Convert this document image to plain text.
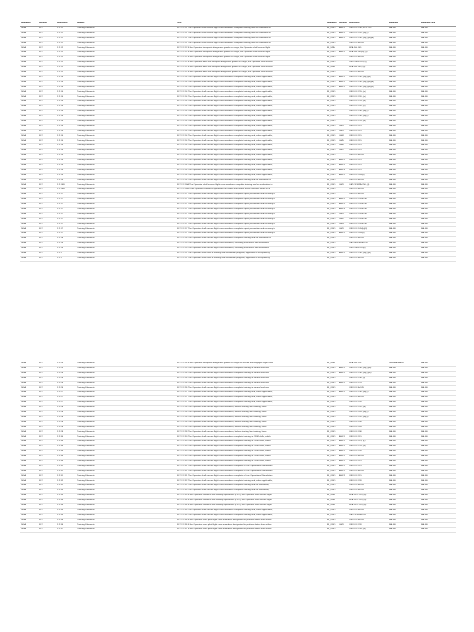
Standard	Section	Reference	Header	Text	Standard	Section	Reference	Modified	Modified Link
ISSA	FLT	2.2.11	Training Elements	FLT 2.2.11 The Operator shall ensure flight crew members complete training and an evaluation in	IR_ORO	AMC1	ORO.FC.230; FCL.725	FALSE	FALSE
ISSA	FLT	2.2.11	Training Elements	FLT 2.2.11 The Operator shall ensure flight crew members complete training and an evaluation in	IR_ORO	AMC1	ORO.FC.220; (a)(1)	FALSE	FALSE
ISSA	FLT	2.2.11	Training Elements	FLT 2.2.11 The Operator shall ensure flight crew members complete training and an evaluation in	IR_ORO	AMC1	ORO.FC.230; (a)(1)(ii)(A)	FALSE	FALSE
ISSA	FLT	2.2.11	Training Elements	FLT 2.2.11 The Operator shall ensure flight crew members complete training and an evaluation in	IR_ORO		ORO.FC.A.245	FALSE	FALSE
ISSA	FLT	2.2.12	Training Elements	FLT 2.2.12 If the Operator transports dangerous goods as cargo, the Operator shall ensure flight	IR_SPA		SPA.DG.105	FALSE	FALSE
ISSA	FLT	2.2.12	Training Elements	FLT 2.2.12 If the Operator transports dangerous goods as cargo, the Operator shall ensure flight	IR_ORO	AMC1	SPA.DG.105(a); (f)	FALSE	FALSE
ISSA	FLT	2.2.12	Training Elements	FLT 2.2.12 If the Operator transports dangerous goods as cargo, the Operator shall ensure flight	IR_ORO		ORO.FC.A.245	FALSE	FALSE
ISSA	FLT	2.2.12	Training Elements	FLT 2.2.12 If the Operator does not transport dangerous goods as cargo, the Operator shall ensure	IR_ORO		ORO.GEN.110; (f)	FALSE	FALSE
ISSA	FLT	2.2.12	Training Elements	FLT 2.2.12 If the Operator does not transport dangerous goods as cargo, the Operator shall ensure	IR_SPA		SPA.DG.105; (a)	FALSE	FALSE
ISSA	FLT	2.2.12	Training Elements	FLT 2.2.12 If the Operator does not transport dangerous goods as cargo, the Operator shall ensure	IR_ORO		ORO.FC.A.245	FALSE	FALSE
ISSA	FLT	2.2.14	Training Elements	FLT 2.2.14 The Operator shall ensure flight crew members complete training and, when applicable,	IR_ORO	AMC1	ORO.FC.230; (a)(3)(ii)	FALSE	FALSE
ISSA	FLT	2.2.14	Training Elements	FLT 2.2.14 The Operator shall ensure flight crew members complete training and, when applicable,	IR_ORO	AMC1	ORO.FC.230; (a)(3)(ii)(A)	FALSE	FALSE
ISSA	FLT	2.2.14	Training Elements	FLT 2.2.14 The Operator shall ensure flight crew members complete training and, when applicable,	IR_ORO	AMC1	ORO.FC.230; (a)(3)(ii)(B)	FALSE	FALSE
ISSA	FLT	2.2.14	Training Elements	FLT 2.2.14 The Operator shall ensure flight crew members complete training and, when applicable,	IR_ORO		ORO.FC.215; (a)	FALSE	FALSE
ISSA	FLT	2.2.14	Training Elements	FLT 2.2.14 The Operator shall ensure flight crew members complete training and, when applicable,	IR_ORO		ORO.FC.220; (a)	FALSE	FALSE
ISSA	FLT	2.2.14	Training Elements	FLT 2.2.14 The Operator shall ensure flight crew members complete training and, when applicable,	IR_ORO		ORO.FC.215; (b)	FALSE	FALSE
ISSA	FLT	2.2.14	Training Elements	FLT 2.2.14 The Operator shall ensure flight crew members complete training and, when applicable,	IR_ORO		ORO.FC.220; (c)	FALSE	FALSE
ISSA	FLT	2.2.14	Training Elements	FLT 2.2.14 The Operator shall ensure flight crew members complete training and, when applicable,	IR_ORO		ORO.FC.230; (b)(1)	FALSE	FALSE
ISSA	FLT	2.2.14	Training Elements	FLT 2.2.14 The Operator shall ensure flight crew members complete training and, when applicable,	IR_ORO		ORO.FC.230; (a)(2)	FALSE	FALSE
ISSA	FLT	2.2.14	Training Elements	FLT 2.2.14 The Operator shall ensure flight crew members complete training and, when applicable,	IR_ORO		ORO.FC.215; (b)	FALSE	FALSE
ISSA	FLT	2.2.14	Training Elements	FLT 2.2.14 The Operator shall ensure flight crew members complete training and, when applicable,	IR_ORO	GM1	ORO.FC.115	FALSE	FALSE
ISSA	FLT	2.2.14	Training Elements	FLT 2.2.14 The Operator shall ensure flight crew members complete training and, when applicable,	IR_ORO	GM1	ORO.FC.115	FALSE	FALSE
ISSA	FLT	2.2.14	Training Elements	FLT 2.2.14 The Operator shall ensure flight crew members complete training and, when applicable,	IR_ORO	GM4	ORO.FC.115	FALSE	FALSE
ISSA	FLT	2.2.14	Training Elements	FLT 2.2.14 The Operator shall ensure flight crew members complete training and, when applicable,	IR_ORO	GM5	ORO.FC.115	FALSE	FALSE
ISSA	FLT	2.2.14	Training Elements	FLT 2.2.14 The Operator shall ensure flight crew members complete training and, when applicable,	IR_ORO	GM6	ORO.FC.115	FALSE	FALSE
ISSA	FLT	2.2.14	Training Elements	FLT 2.2.14 The Operator shall ensure flight crew members complete training and, when applicable,	IR_ORO	GM7	ORO.FC.115	FALSE	FALSE
ISSA	FLT	2.2.14	Training Elements	FLT 2.2.14 The Operator shall ensure flight crew members complete training and, when applicable,	IR_ORO		ORO.FC.A.245	FALSE	FALSE
ISSA	FLT	2.2.14	Training Elements	FLT 2.2.14 The Operator shall ensure flight crew members complete training and, when applicable,	IR_ORO	AMC1	ORO.FC.115	FALSE	FALSE
ISSA	FLT	2.2.14	Training Elements	FLT 2.2.14 The Operator shall ensure flight crew members complete training and, when applicable,	IR_ORO	AMC2	ORO.FC.115	FALSE	FALSE
ISSA	FLT	2.2.14	Training Elements	FLT 2.2.14 The Operator shall ensure flight crew members complete training and, when applicable,	IR_ORO	AMC3	ORO.FC.115	FALSE	FALSE
ISSA	FLT	2.2.14	Training Elements	FLT 2.2.14 The Operator shall ensure flight crew members complete training and, when applicable,	IR_ORO	AMC1	ORO.FC.205(a)	FALSE	FALSE
ISSA	FLT	2.2.14	Training Elements	FLT 2.2.14 The Operator shall ensure flight crew members complete training and an evaluation in	IR_ORO		ORO.FC.A.245	FALSE	FALSE
ISSA	FLT	2.2.16B	Training Elements	FLT 2.2.16A The Operator shall ensure flight crew members complete training and an evaluation in	IR_ORO	GM1	CAT.OP.MPA.250; (f)	FALSE	FALSE
ISSA	FLT	2.2.16B	Training Elements	FLT 2.2.16B If the Operator conducts operations on routes that transit active volcanic areas or in	IR_ORO		ORO.FC.A.245	FALSE	FALSE
ISSA	FLT	2.2.17	Training Elements	FLT 2.2.17 The Operator shall ensure flight crew members complete upset prevention and recovery tr	IR_ORO		ORO.FC.A.245	FALSE	FALSE
ISSA	FLT	2.2.17	Training Elements	FLT 2.2.17 The Operator shall ensure flight crew members complete upset prevention and recovery tr	IR_ORO	AMC1	ORO.FC.220&230	FALSE	FALSE
ISSA	FLT	2.2.17	Training Elements	FLT 2.2.17 The Operator shall ensure flight crew members complete upset prevention and recovery tr	IR_ORO	AMC2	ORO.FC.220&230	FALSE	FALSE
ISSA	FLT	2.2.17	Training Elements	FLT 2.2.17 The Operator shall ensure flight crew members complete upset prevention and recovery tr	IR_ORO	AMC3	ORO.FC.220&230	FALSE	FALSE
ISSA	FLT	2.2.17	Training Elements	FLT 2.2.17 The Operator shall ensure flight crew members complete upset prevention and recovery tr	IR_ORO	GM1	ORO.FC.220&230	FALSE	FALSE
ISSA	FLT	2.2.17	Training Elements	FLT 2.2.17 The Operator shall ensure flight crew members complete upset prevention and recovery tr	IR_ORO	GM2	ORO.FC.220&230	FALSE	FALSE
ISSA	FLT	2.2.17	Training Elements	FLT 2.2.17 The Operator shall ensure flight crew members complete upset prevention and recovery tr	IR_ORO	GM3	ORO.FC.220&230	FALSE	FALSE
ISSA	FLT	2.2.17	Training Elements	FLT 2.2.17 The Operator shall ensure flight crew members complete upset prevention and recovery tr	IR_ORO	GM1	ORO.FC.105(b)(3)	FALSE	FALSE
ISSA	FLT	2.2.17	Training Elements	FLT 2.2.17 The Operator shall ensure flight crew members complete upset prevention and recovery tr	IR_ORO	AMC1	ORO.FC.205(a)	FALSE	FALSE
ISSA	FLT	2.2.18	Training Elements	FLT 2.2.18 The Operator shall ensure flight crew members complete training and an evaluation in	IR_ORO		ORO.FC.A.245	FALSE	FALSE
ISSA	FLT	2.2.19	Training Elements	FLT 2.2.19 The Operator shall ensure flight crew members, including instructors and evaluators	IR_ORO		CAT.GEN.MPA.120	FALSE	FALSE
ISSA	FLT	2.2.19	Training Elements	FLT 2.2.19 The Operator shall ensure flight crew members, including instructors and evaluators	IR_ORO		ORO.GEN.110(f)	FALSE	FALSE
ISSA	FLT	2.2.1	Training Elements	FLT 2.2.1L The Operator shall have a training and evaluation program, approved or accepted by	IR_ORO	AMC1	ORO.FC.230; (a)(1)(ii)	FALSE	FALSE
ISSA	FLT	2.2.1	Training Elements	FLT 2.2.1L The Operator shall have a training and evaluation program, approved or accepted by	IR_ORO		ORO.FC.A.245	FALSE	FALSE
ISSA	FLT	2.2.24	Training Elements	FLT 2.2.24 If the Operator transports dangerous goods as cargo on aircraft and engages flight crew	IR_SPA		SPA.DG.110	UNREADABLE	FALSE
ISSA	FLT	2.2.25	Training Elements	FLT 2.2.25 The Operator shall ensure flight crew members complete training in normal and non	IR_ORO	AMC1	ORO.FC.230; (a)(1)(iii)	FALSE	FALSE
ISSA	FLT	2.2.26	Training Elements	FLT 2.2.26 The Operator shall ensure flight crew members complete training in normal and non	IR_ORO	AMC1	ORO.FC.230; (a)(1)(iv)	FALSE	FALSE
ISSA	FLT	2.2.26	Training Elements	FLT 2.2.26 The Operator shall ensure flight crew members complete training in normal and non	IR_ORO		ORO.FC.230; (f)	FALSE	FALSE
ISSA	FLT	2.2.26	Training Elements	FLT 2.2.26 The Operator shall ensure flight crew members complete training in normal and non	IR_ORO	AMC1	ORO.FC.125	FALSE	FALSE
ISSA	FLT	2.2.26	Training Elements	FLT 2.2.26 The Operator shall ensure flight crew members complete training in normal and non	IR_ORO		ORO.FC.A.245	FALSE	FALSE
ISSA	FLT	2.2.27	Training Elements	FLT 2.2.27 The Operator shall ensure flight crew members complete training and, when applicable,	IR_ORO	AMC1	ORO.FC.230; (b)(1)	FALSE	FALSE
ISSA	FLT	2.2.27	Training Elements	FLT 2.2.27 The Operator shall ensure flight crew members complete training and, when applicable,	IR_ORO		ORO.FC.A.245	FALSE	FALSE
ISSA	FLT	2.2.27	Training Elements	FLT 2.2.27 The Operator shall ensure flight crew members complete training and, when applicable,	IR_ORO		ORO.FC.220	FALSE	FALSE
ISSA	FLT	2.2.28	Training Elements	FLT 2.2.28 The Operator shall ensure flight crew members, before starting line training, have	IR_ORO		ORO.FC.220; (d)	FALSE	FALSE
ISSA	FLT	2.2.28	Training Elements	FLT 2.2.28 The Operator shall ensure flight crew members, before starting line training, have	IR_ORO		ORO.FC.205; (b)(1)	FALSE	FALSE
ISSA	FLT	2.2.28	Training Elements	FLT 2.2.28 The Operator shall ensure flight crew members, before starting line training, have	IR_ORO		ORO.FC.220; (b)(3)	FALSE	FALSE
ISSA	FLT	2.2.28	Training Elements	FLT 2.2.28 The Operator shall ensure flight crew members, before starting line training, have	IR_ORO		ORO.FC.100	FALSE	FALSE
ISSA	FLT	2.2.28	Training Elements	FLT 2.2.28 The Operator shall ensure flight crew members, before starting line training, have	IR_ORO		ORO.FC.205	FALSE	FALSE
ISSA	FLT	2.2.28	Training Elements	FLT 2.2.28 The Operator shall ensure flight crew members, before starting line training, have	IR_ORO		ORO.FC.330	FALSE	FALSE
ISSA	FLT	2.2.30	Training Elements	FLT 2.2.30 The Operator shall ensure flight crew members complete training in CRM skills, which	IR_ORO	AMC1	ORO.FC.115	FALSE	FALSE
ISSA	FLT	2.2.30	Training Elements	FLT 2.2.30 The Operator shall ensure flight crew members complete training in CRM skills, which	IR_ORO	AMC1	ORO.FC.115; (c)	FALSE	FALSE
ISSA	FLT	2.2.30	Training Elements	FLT 2.2.30 The Operator shall ensure flight crew members complete training in CRM skills, which	IR_ORO	AMC1	ORO.FC.215; (a)	FALSE	FALSE
ISSA	FLT	2.2.30	Training Elements	FLT 2.2.30 The Operator shall ensure flight crew members complete training in CRM skills, which	IR_ORO	AMC1	ORO.FC.220	FALSE	FALSE
ISSA	FLT	2.2.30	Training Elements	FLT 2.2.30 The Operator shall ensure flight crew members complete training in CRM skills, which	IR_ORO	AMC1	ORO.FC.A.245	FALSE	FALSE
ISSA	FLT	2.2.30	Training Elements	FLT 2.2.30 The Operator shall ensure flight crew members complete training in CRM skills, which	IR_ORO	AMC1	ORO.FC.115	FALSE	FALSE
ISSA	FLT	2.2.31	Training Elements	FLT 2.2.31 The Operator shall ensure flight crew members complete a Line Operational Simulation	IR_ORO	AMC1	ORO.FC.115	FALSE	FALSE
ISSA	FLT	2.2.31	Training Elements	FLT 2.2.31 The Operator shall ensure flight crew members complete a Line Operational Simulation	IR_ORO	AMC1	ORO.FC.A.245	FALSE	FALSE
ISSA	FLT	2.2.31	Training Elements	FLT 2.2.31 The Operator shall ensure flight crew members complete a Line Operational Simulation	IR_ORO	AMC2	ORO.FC.115	FALSE	FALSE
ISSA	FLT	2.2.32	Training Elements	FLT 2.2.32 The Operator shall ensure flight crew members complete training and, when applicable,	IR_ORO		ORO.FC.220	FALSE	FALSE
ISSA	FLT	2.2.32	Training Elements	FLT 2.2.32 The Operator shall ensure flight crew members complete training and an evaluation,	IR_ORO		ORO.FC.A.245	FALSE	FALSE
ISSA	FLT	2.2.33	Training Elements	FLT 2.2.33 The Operator shall ensure flight crew members complete training and an evaluation,	IR_ORO		ORO.FC.A.245	FALSE	FALSE
ISSA	FLT	2.2.33	Training Elements	FLT 2.2.33 If the Operator conducts low visibility operations (LVO), the Operator shall ensure flight	IR_SPA		SPA.LVO.120; (b)	FALSE	FALSE
ISSA	FLT	2.2.34	Training Elements	FLT 2.2.34 If the Operator conducts low visibility operations (LVO), the Operator shall ensure flight	IR_SPA		SPA.LVO.120; (a)	FALSE	FALSE
ISSA	FLT	2.2.34	Training Elements	FLT 2.2.34 If the Operator conducts low visibility operations (LVO), the Operator shall ensure flight	IR_SPA		SPA.LVO.120; (b)	FALSE	FALSE
ISSA	FLT	2.2.35	Training Elements	FLT 2.2.35 The Operator shall ensure flight crew members complete training and, when applicable,	IR_ORO		ORO.FC.A.245	FALSE	FALSE
ISSA	FLT	2.2.35	Training Elements	FLT 2.2.35 The Operator shall ensure flight crew members complete training and, when applicable,	IR_ORO		CAT.OP.MPA.105	FALSE	FALSE
ISSA	FLT	2.2.36	Training Elements	FLT 2.2.36 If the Operator uses pilot flight crew members designated to perform duties from either	IR_ORO		ORO.FC.A.245	FALSE	FALSE
ISSA	FLT	2.2.36	Training Elements	FLT 2.2.36 If the Operator uses pilot flight crew members designated to perform duties from either	IR_ORO	GM1	ORO.FC.220	FALSE	FALSE
ISSA	FLT	2.2.37	Training Elements	FLT 2.2.37 If the Operator uses pilot flight crew members designated to perform duties from either	IR_ORO		ORO.FC.235; (a)	FALSE	FALSE
